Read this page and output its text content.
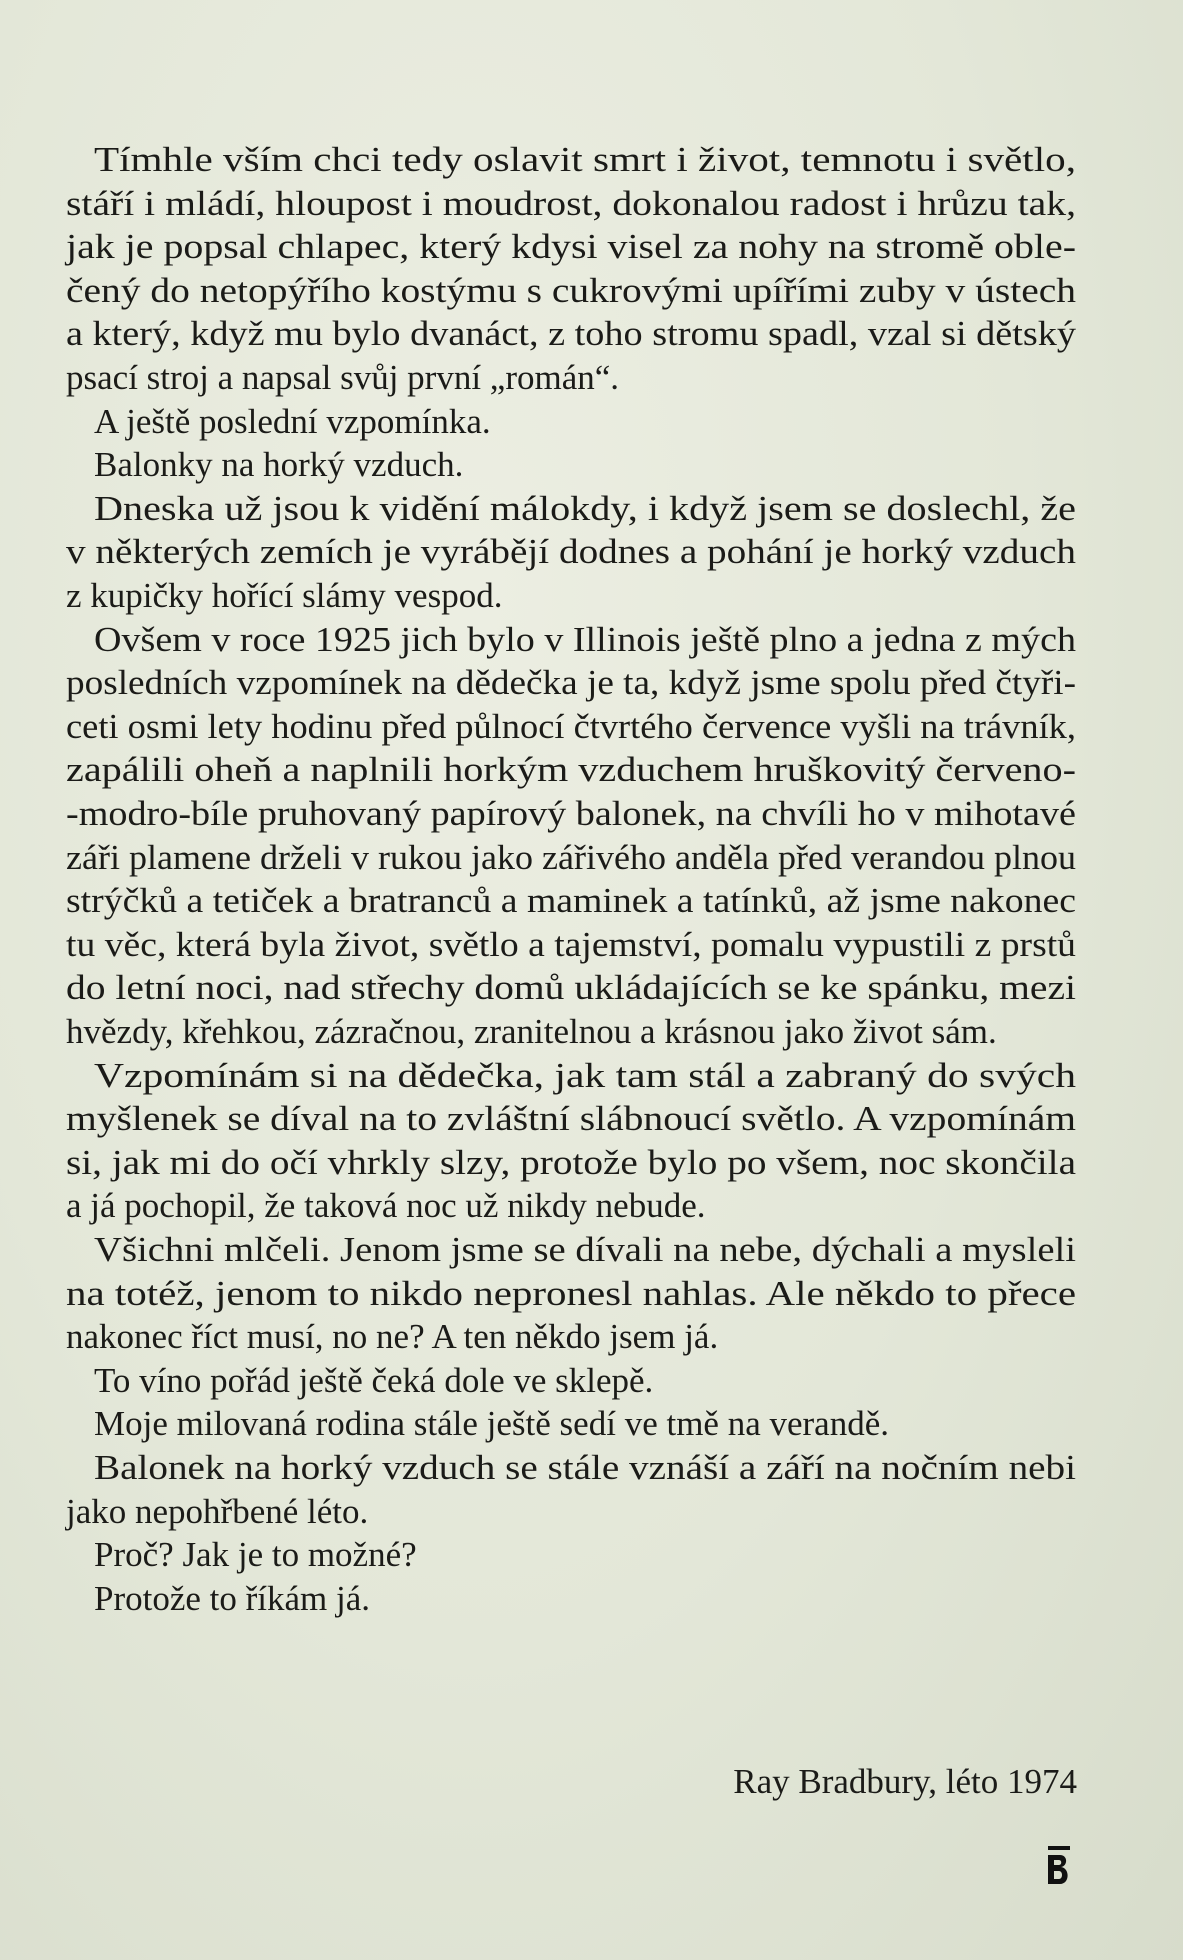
Tímhle vším chci tedy oslavit smrt i život, temnotu i světlo,
stáří i mládí, hloupost i moudrost, dokonalou radost i hrůzu tak,
jak je popsal chlapec, který kdysi visel za nohy na stromě oble-
čený do netopýřího kostýmu s cukrovými upířími zuby v ústech
a který, když mu bylo dvanáct, z toho stromu spadl, vzal si dětský
psací stroj a napsal svůj první „román“.
A ještě poslední vzpomínka.
Balonky na horký vzduch.
Dneska už jsou k vidění málokdy, i když jsem se doslechl, že
v některých zemích je vyrábějí dodnes a pohání je horký vzduch
z kupičky hořící slámy vespod.
Ovšem v roce 1925 jich bylo v Illinois ještě plno a jedna z mých
posledních vzpomínek na dědečka je ta, když jsme spolu před čtyři-
ceti osmi lety hodinu před půlnocí čtvrtého července vyšli na trávník,
zapálili oheň a naplnili horkým vzduchem hruškovitý červeno-
-modro-bíle pruhovaný papírový balonek, na chvíli ho v mihotavé
záři plamene drželi v rukou jako zářivého anděla před verandou plnou
strýčků a tetiček a bratranců a maminek a tatínků, až jsme nakonec
tu věc, která byla život, světlo a tajemství, pomalu vypustili z prstů
do letní noci, nad střechy domů ukládajících se ke spánku, mezi
hvězdy, křehkou, zázračnou, zranitelnou a krásnou jako život sám.
Vzpomínám si na dědečka, jak tam stál a zabraný do svých
myšlenek se díval na to zvláštní slábnoucí světlo. A vzpomínám
si, jak mi do očí vhrkly slzy, protože bylo po všem, noc skončila
a já pochopil, že taková noc už nikdy nebude.
Všichni mlčeli. Jenom jsme se dívali na nebe, dýchali a mysleli
na totéž, jenom to nikdo nepronesl nahlas. Ale někdo to přece
nakonec říct musí, no ne? A ten někdo jsem já.
To víno pořád ještě čeká dole ve sklepě.
Moje milovaná rodina stále ještě sedí ve tmě na verandě.
Balonek na horký vzduch se stále vznáší a září na nočním nebi
jako nepohřbené léto.
Proč? Jak je to možné?
Protože to říkám já.
Ray Bradbury, léto 1974
